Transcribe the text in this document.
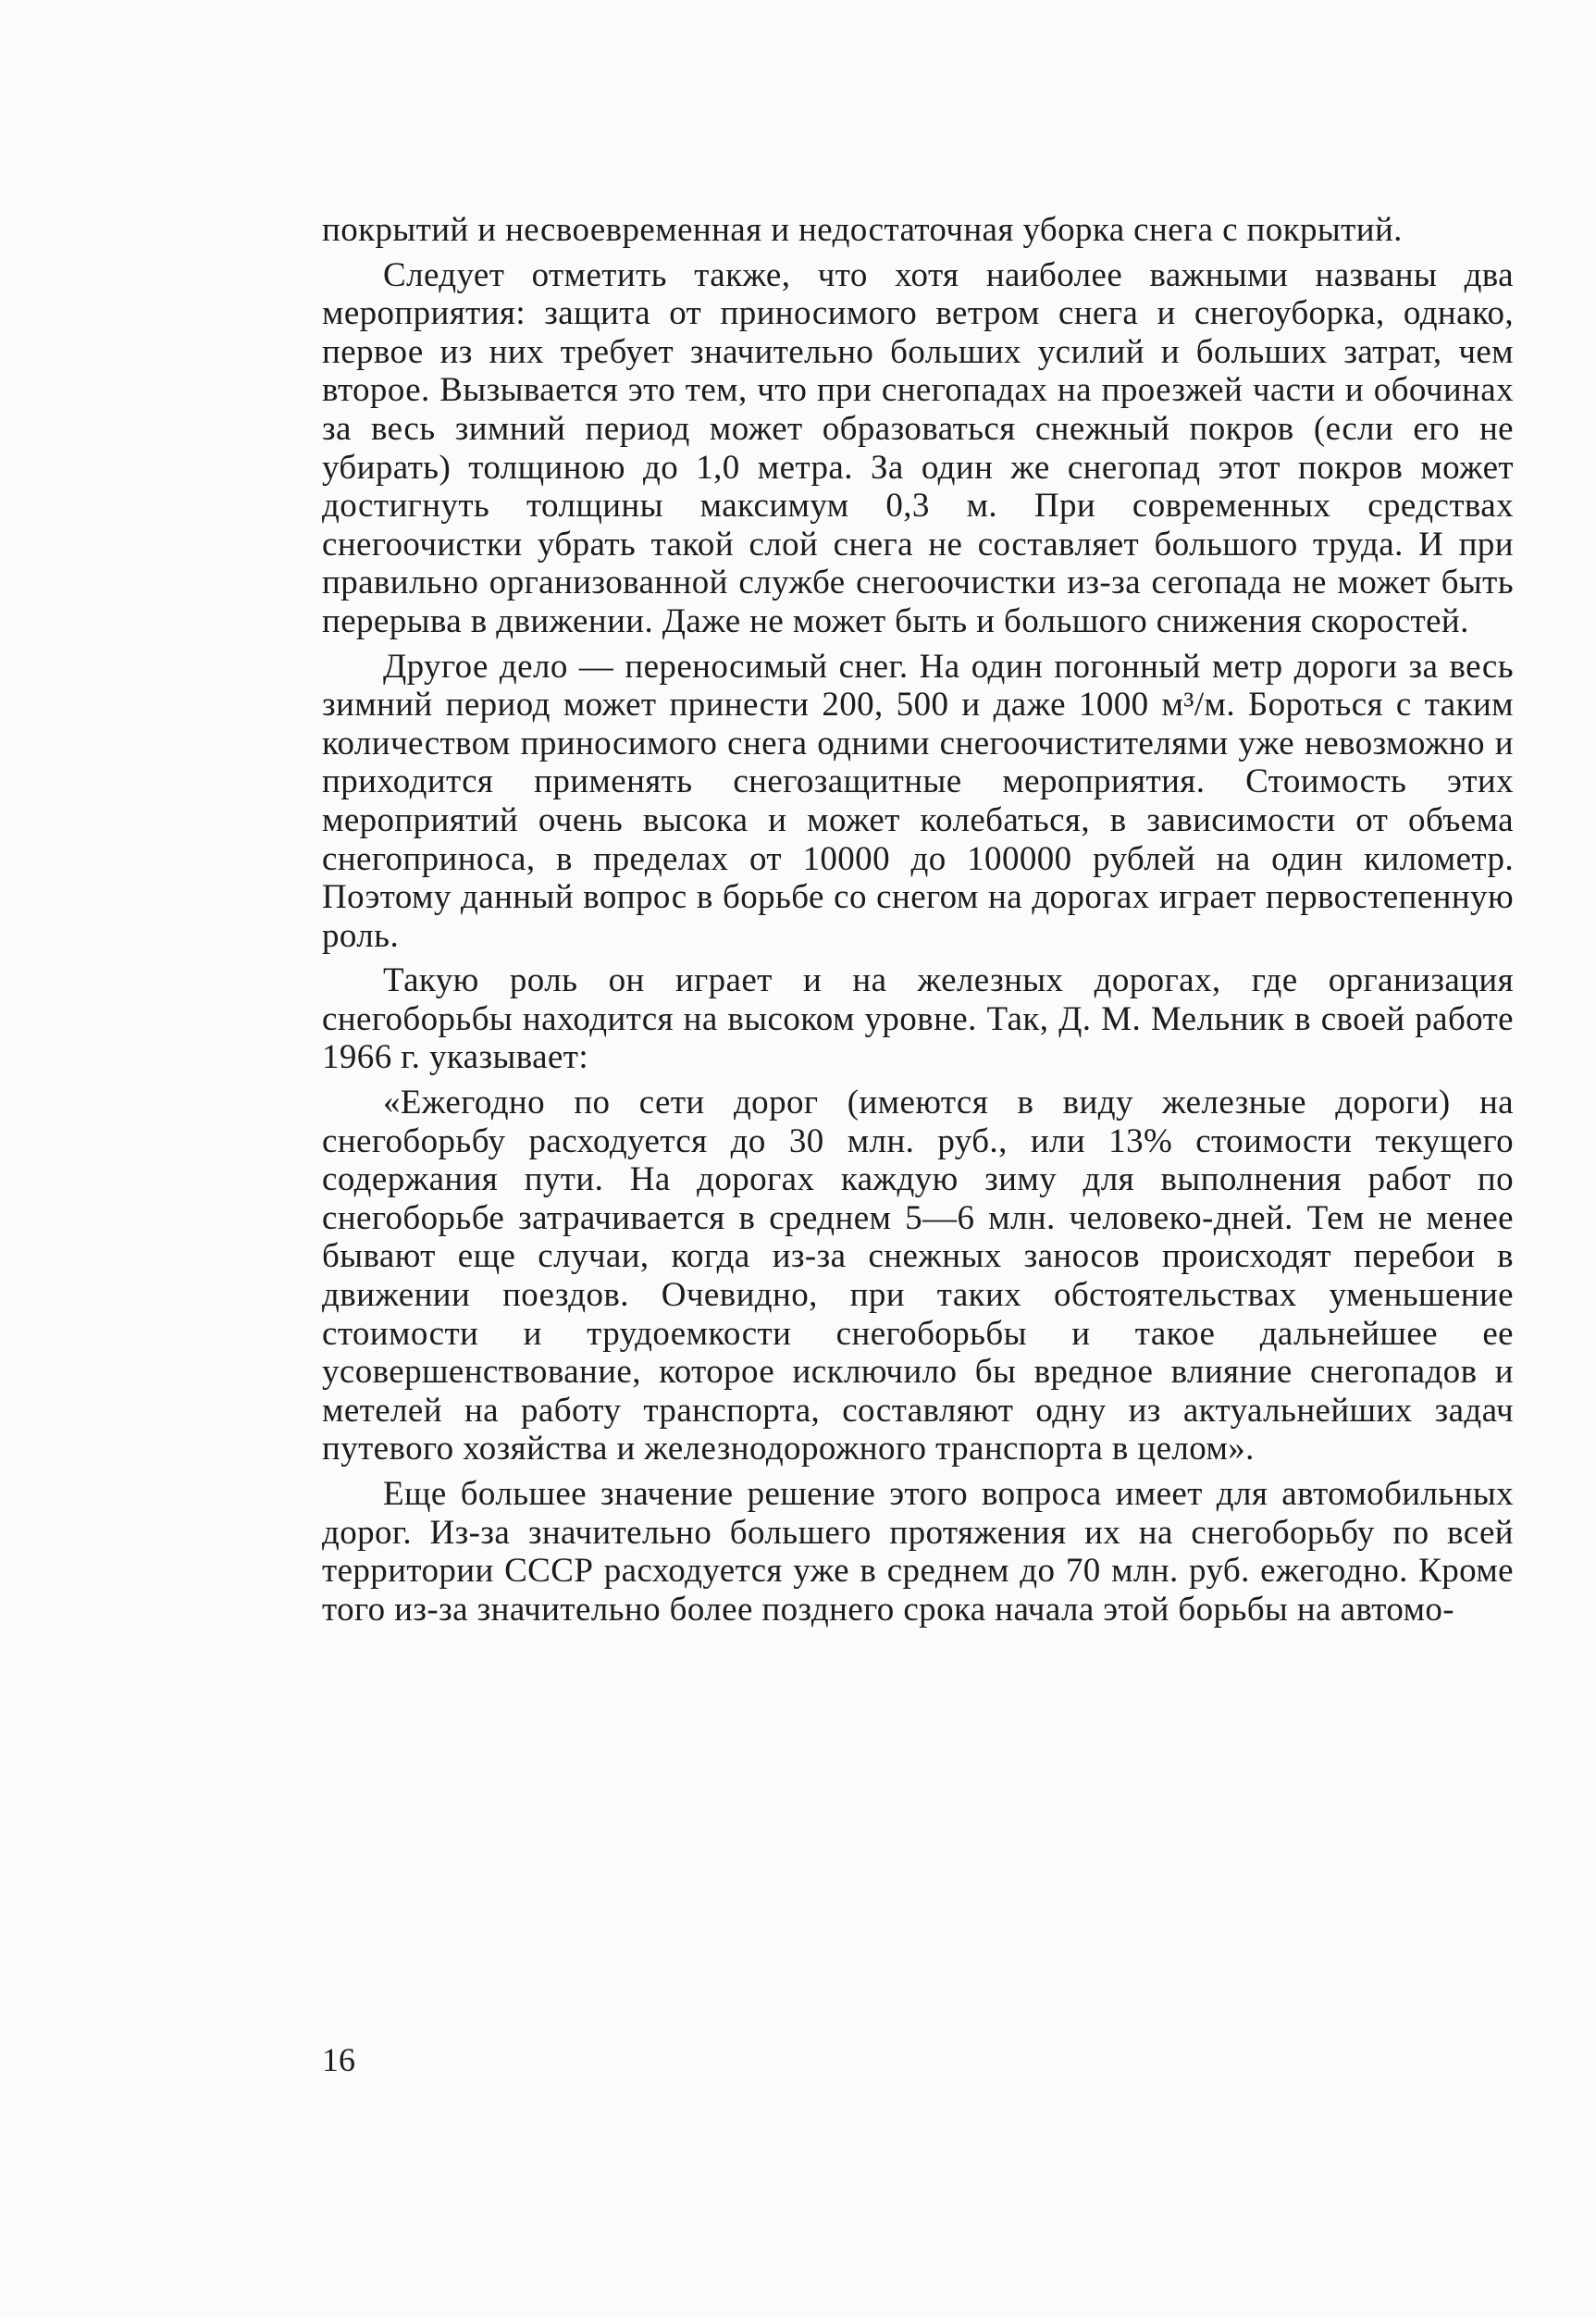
покрытий и несвоевременная и недостаточная уборка снега с покрытий.

Следует отметить также, что хотя наиболее важными названы два мероприятия: защита от приносимого ветром снега и снегоуборка, однако, первое из них требует значительно больших усилий и больших затрат, чем второе. Вызывается это тем, что при снегопадах на проезжей части и обочинах за весь зимний период может образоваться снежный покров (если его не убирать) толщиною до 1,0 метра. За один же снегопад этот покров может достигнуть толщины максимум 0,3 м. При современных средствах снегоочистки убрать такой слой снега не составляет большого труда. И при правильно организованной службе снегоочистки из-за сегопада не может быть перерыва в движении. Даже не может быть и большого снижения скоростей.

Другое дело — переносимый снег. На один погонный метр дороги за весь зимний период может принести 200, 500 и даже 1000 м³/м. Бороться с таким количеством приносимого снега одними снегоочистителями уже невозможно и приходится применять снегозащитные мероприятия. Стоимость этих мероприятий очень высока и может колебаться, в зависимости от объема снегоприноса, в пределах от 10000 до 100000 рублей на один километр. Поэтому данный вопрос в борьбе со снегом на дорогах играет первостепенную роль.

Такую роль он играет и на железных дорогах, где организация снегоборьбы находится на высоком уровне. Так, Д. М. Мельник в своей работе 1966 г. указывает:

«Ежегодно по сети дорог (имеются в виду железные дороги) на снегоборьбу расходуется до 30 млн. руб., или 13% стоимости текущего содержания пути. На дорогах каждую зиму для выполнения работ по снегоборьбе затрачивается в среднем 5—6 млн. человеко-дней. Тем не менее бывают еще случаи, когда из-за снежных заносов происходят перебои в движении поездов. Очевидно, при таких обстоятельствах уменьшение стоимости и трудоемкости снегоборьбы и такое дальнейшее ее усовершенствование, которое исключило бы вредное влияние снегопадов и метелей на работу транспорта, составляют одну из актуальнейших задач путевого хозяйства и железнодорожного транспорта в целом».

Еще большее значение решение этого вопроса имеет для автомобильных дорог. Из-за значительно большего протяжения их на снегоборьбу по всей территории СССР расходуется уже в среднем до 70 млн. руб. ежегодно. Кроме того из-за значительно более позднего срока начала этой борьбы на автомо-

16
